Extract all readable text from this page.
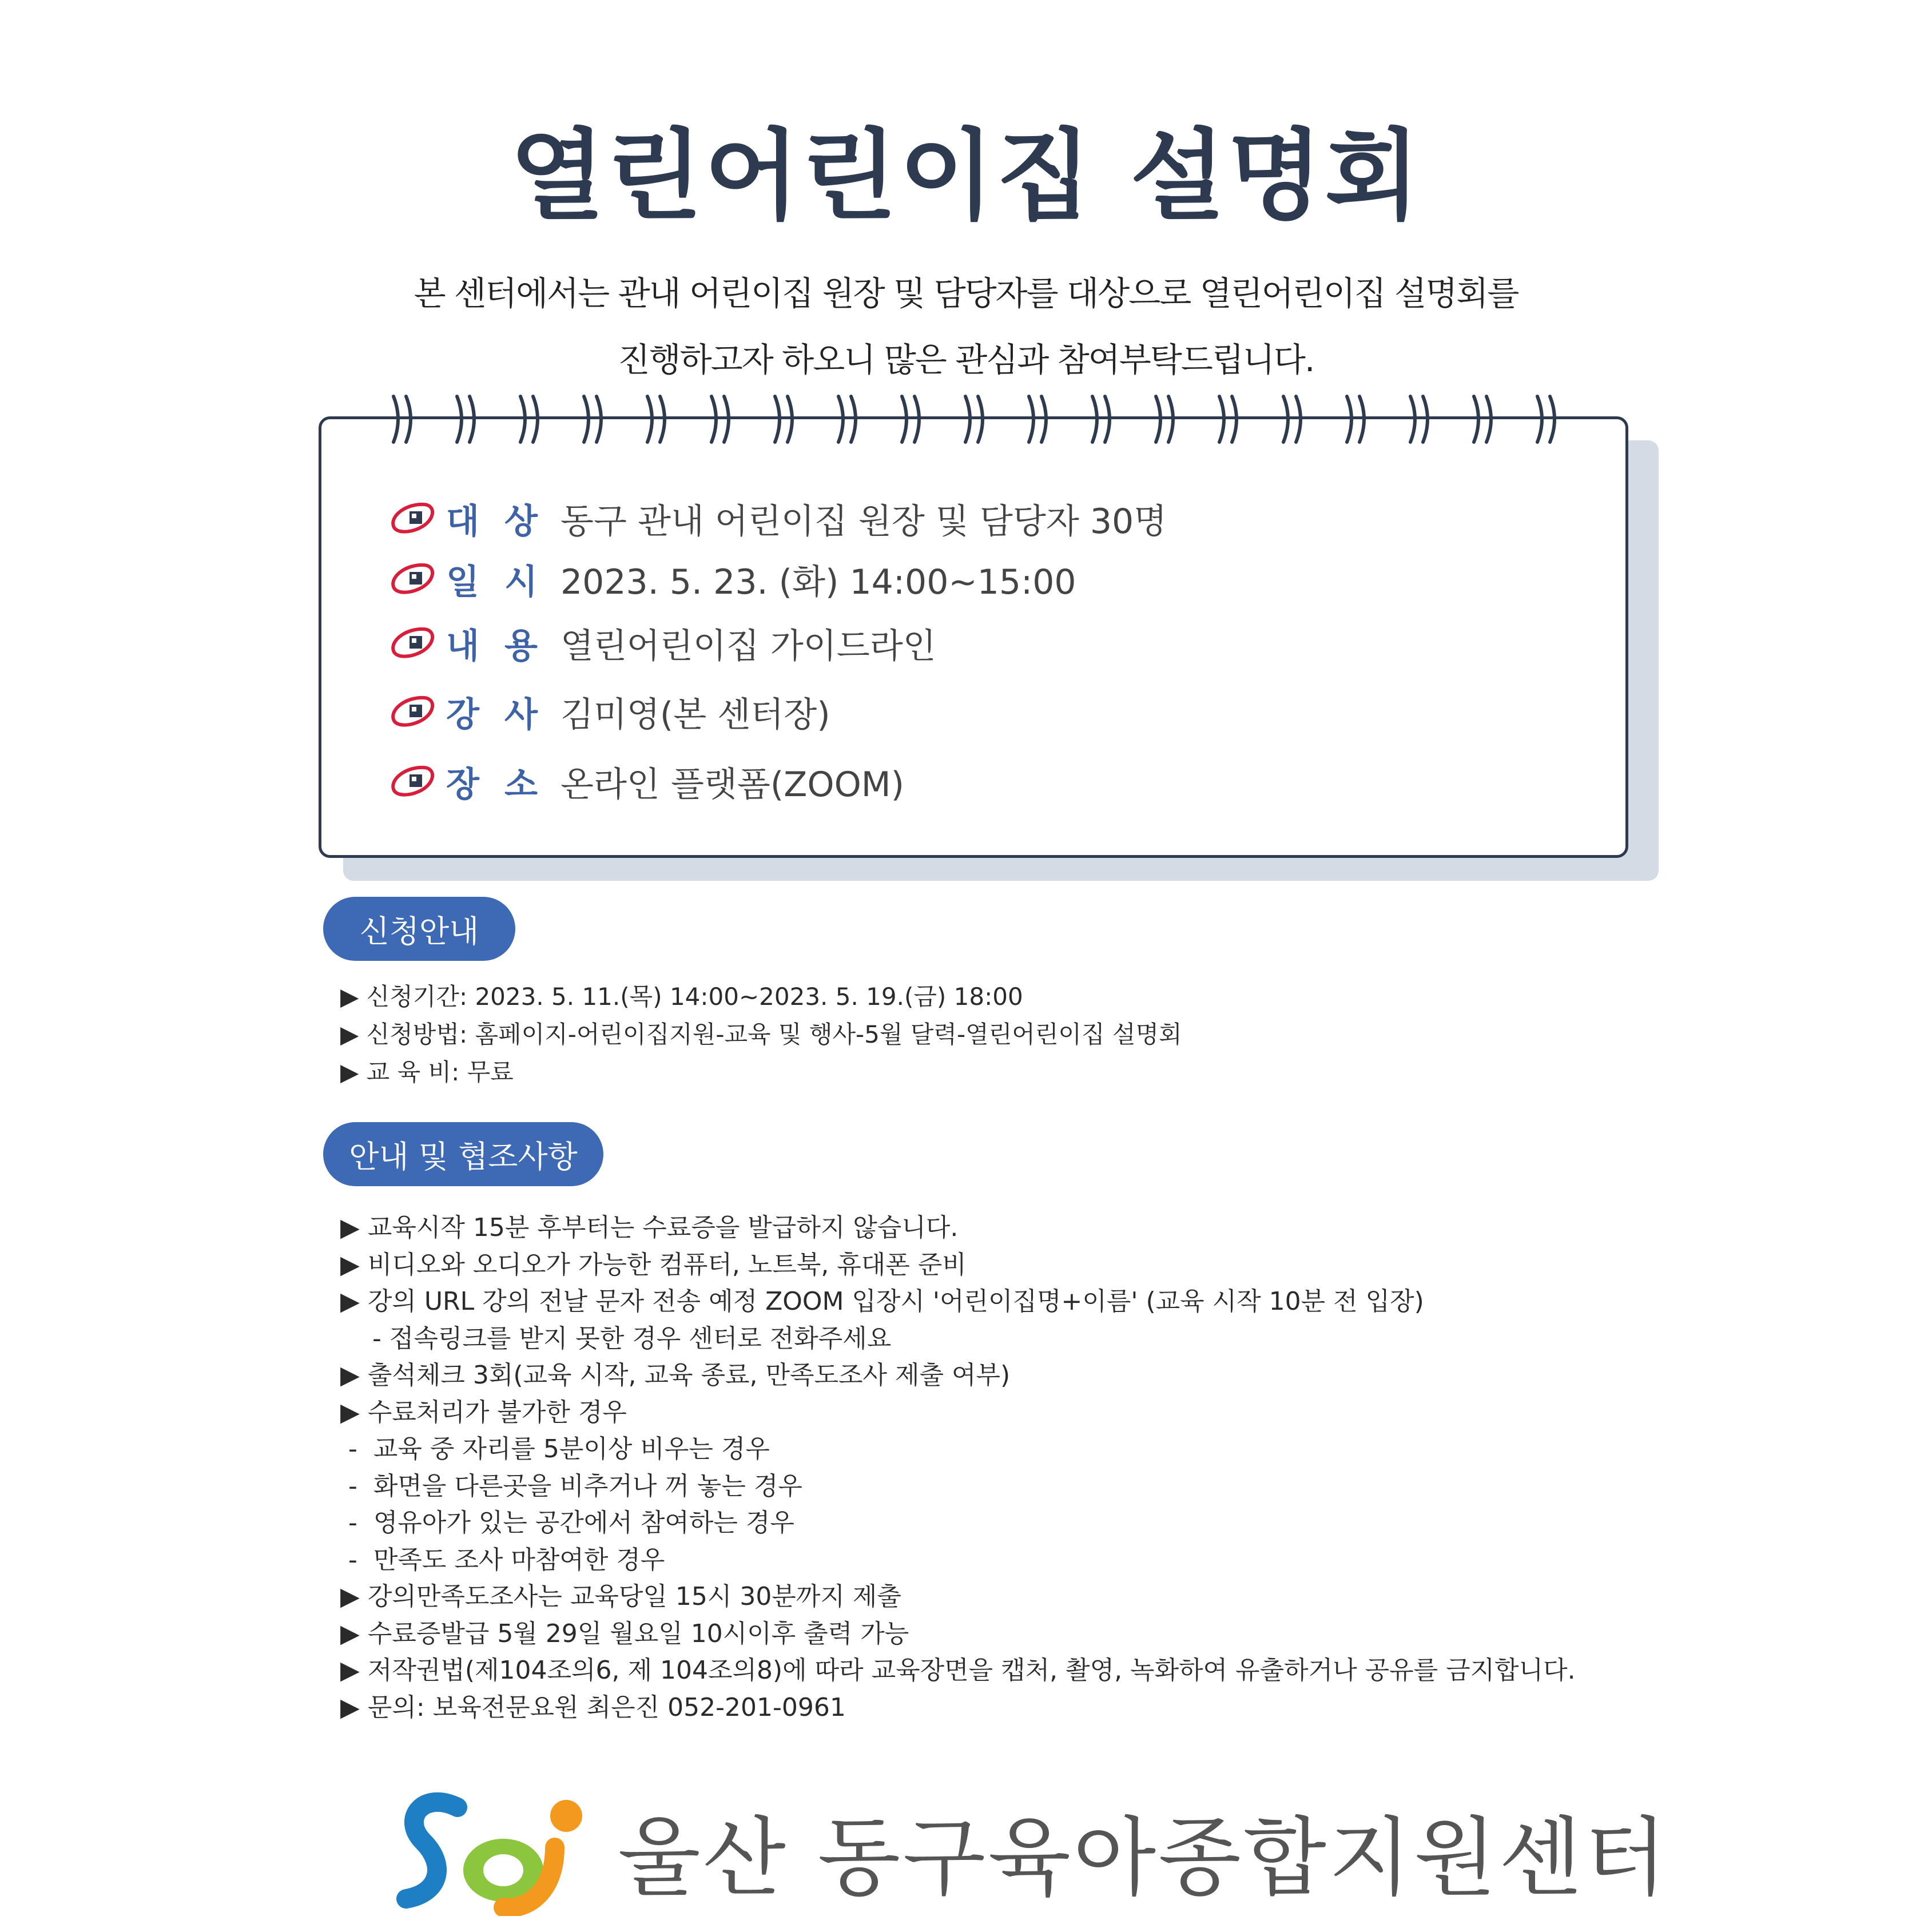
열린어린이집 설명회
본 센터에서는 관내 어린이집 원장 및 담당자를 대상으로 열린어린이집 설명회를
진행하고자 하오니 많은 관심과 참여부탁드립니다.
대 상 동구 관내 어린이집 원장 및 담당자 30명
일 시 2023. 5. 23. (화) 14:00~15:00
내 용 열린어린이집 가이드라인
강 사 김미영(본 센터장)
장 소 온라인 플랫폼(ZOOM)
신청안내
▶ 신청기간: 2023. 5. 11.(목) 14:00~2023. 5. 19.(금) 18:00
▶ 신청방법: 홈페이지-어린이집지원-교육 및 행사-5월 달력-열린어린이집 설명회
▶ 교 육 비: 무료
안내 및 협조사항
▶ 교육시작 15분 후부터는 수료증을 발급하지 않습니다.
▶ 비디오와 오디오가 가능한 컴퓨터, 노트북, 휴대폰 준비
▶ 강의 URL 강의 전날 문자 전송 예정 ZOOM 입장시 '어린이집명+이름' (교육 시작 10분 전 입장)
- 접속링크를 받지 못한 경우 센터로 전화주세요
▶ 출석체크 3회(교육 시작, 교육 종료, 만족도조사 제출 여부)
▶ 수료처리가 불가한 경우
-  교육 중 자리를 5분이상 비우는 경우
-  화면을 다른곳을 비추거나 꺼 놓는 경우
-  영유아가 있는 공간에서 참여하는 경우
-  만족도 조사 마참여한 경우
▶ 강의만족도조사는 교육당일 15시 30분까지 제출
▶ 수료증발급 5월 29일 월요일 10시이후 출력 가능
▶ 저작권법(제104조의6, 제 104조의8)에 따라 교육장면을 캡처, 촬영, 녹화하여 유출하거나 공유를 금지합니다.
▶ 문의: 보육전문요원 최은진 052-201-0961
울산 동구육아종합지원센터
